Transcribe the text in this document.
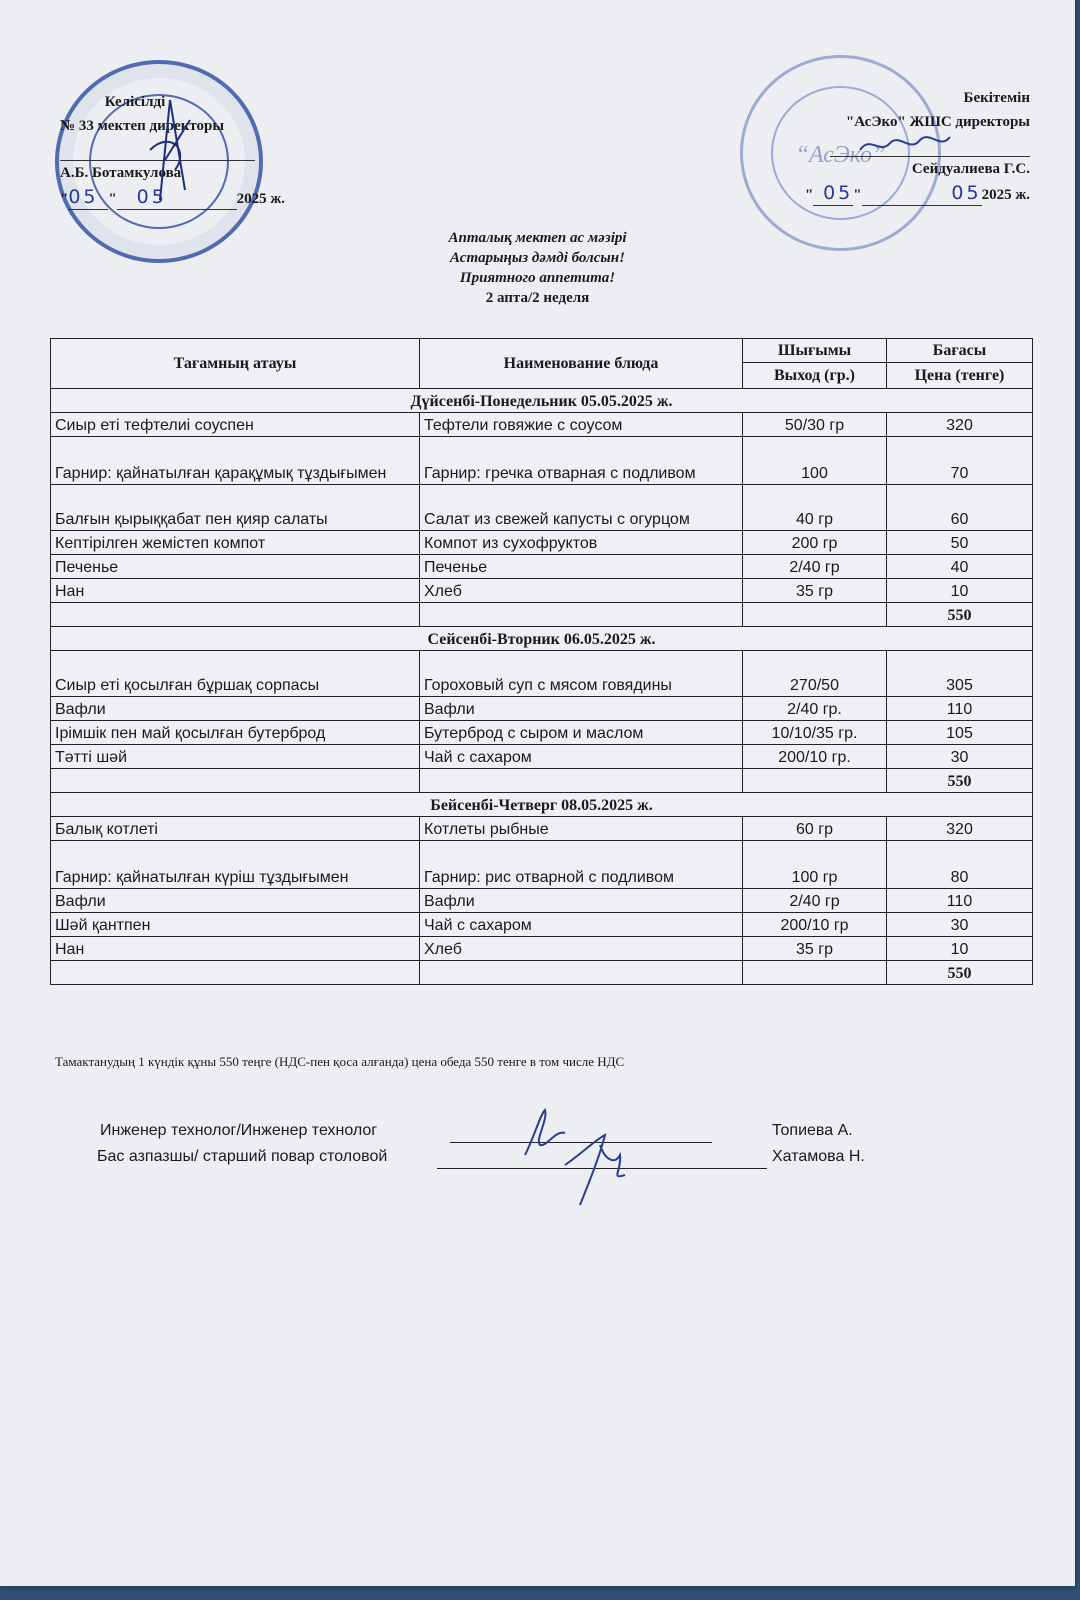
“АсЭко”
Келісілді
№ 33 мектеп директоры
А.Б. Ботамкулова
"05 " 05	2025 ж.
Бекітемін
"АсЭко" ЖШС директоры
Сейдуалиева Г.С.
" 05"	052025 ж.
Апталық мектеп ас мәзірі
Астарыңыз дәмді болсын!
Приятного аппетита!
2 апта/2 неделя
Тағамның атауы	Наименование блюда	Шығымы	Бағасы
		Выход (гр.)	Цена (тенге)
Дүйсенбі-Понедельник 05.05.2025 ж.			
Сиыр еті тефтелиі соуспен	Тефтели говяжие с соусом	50/30 гр	320
Гарнир: қайнатылған қарақұмық тұздығымен	Гарнир: гречка отварная с подливом	100	70
Балғын қырыққабат пен қияр салаты	Салат из свежей капусты с огурцом	40 гр	60
Кептірілген жемістеп компот	Компот из сухофруктов	200 гр	50
Печенье	Печенье	2/40 гр	40
Нан	Хлеб	35 гр	10
			550
Сейсенбі-Вторник 06.05.2025 ж.			
Сиыр еті қосылған бұршақ сорпасы	Гороховый суп с мясом говядины	270/50	305
Вафли	Вафли	2/40 гр.	110
Ірімшік пен май қосылған бутерброд	Бутерброд с сыром и маслом	10/10/35 гр.	105
Тәтті шәй	Чай с сахаром	200/10 гр.	30
			550
Бейсенбі-Четверг 08.05.2025 ж.			
Балық котлеті	Котлеты рыбные	60 гр	320
Гарнир: қайнатылған күріш тұздығымен	Гарнир: рис отварной с подливом	100 гр	80
Вафли	Вафли	2/40 гр	110
Шәй қантпен	Чай с сахаром	200/10 гр	30
Нан	Хлеб	35 гр	10
			550
Тамактанудың 1 күндік құны 550 теңге (НДС-пен қоса алғанда) цена обеда 550 тенге в том числе НДС
Инженер технолог/Инженер технолог	Топиева А.
Бас азпазшы/ старший повар столовой	Хатамова Н.
